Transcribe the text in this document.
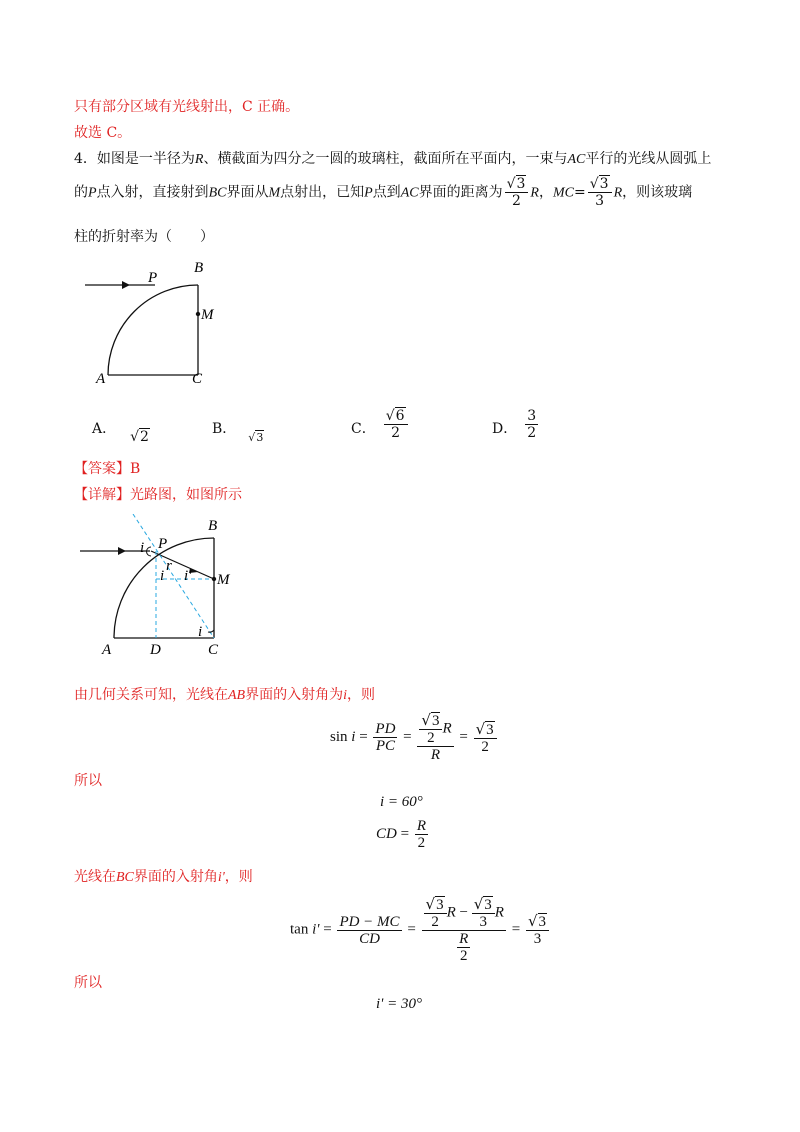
只有部分区域有光线射出，C 正确。
故选 C。
4．如图是一半径为R、横截面为四分之一圆的玻璃柱，截面所在平面内，一束与AC平行的光线从圆弧上
的P点入射，直接射到BC界面从M点射出，已知P点到AC界面的距离为 $\frac{√3}{2}$ R，$MC= \frac{√3}{3}$ R，则该玻璃
柱的折射率为（　　）
P
B
M
A	C
A． √2	B．√3
C． $\frac{√6}{2}$	D． $\frac{3}{2}$
【答案】B
【详解】光路图，如图所示
i P
B
r
i i' M
A	D	C
i
由几何关系可知，光线在AB界面的入射角为i，则
$\sin i = \frac{PD}{PC} = \frac{\frac{√3}{2} R}{R} = \frac{√3}{2}$
所以
i = 60°
CD = $\frac{R}{2}$
光线在BC界面的入射角i'，则
$\tan i' = \frac{PD - MC}{CD} = \frac{\frac{√3}{2} R - \frac{√3}{3} R}{\frac{R}{2}} = \frac{√3}{3}$
所以
i' = 30°
